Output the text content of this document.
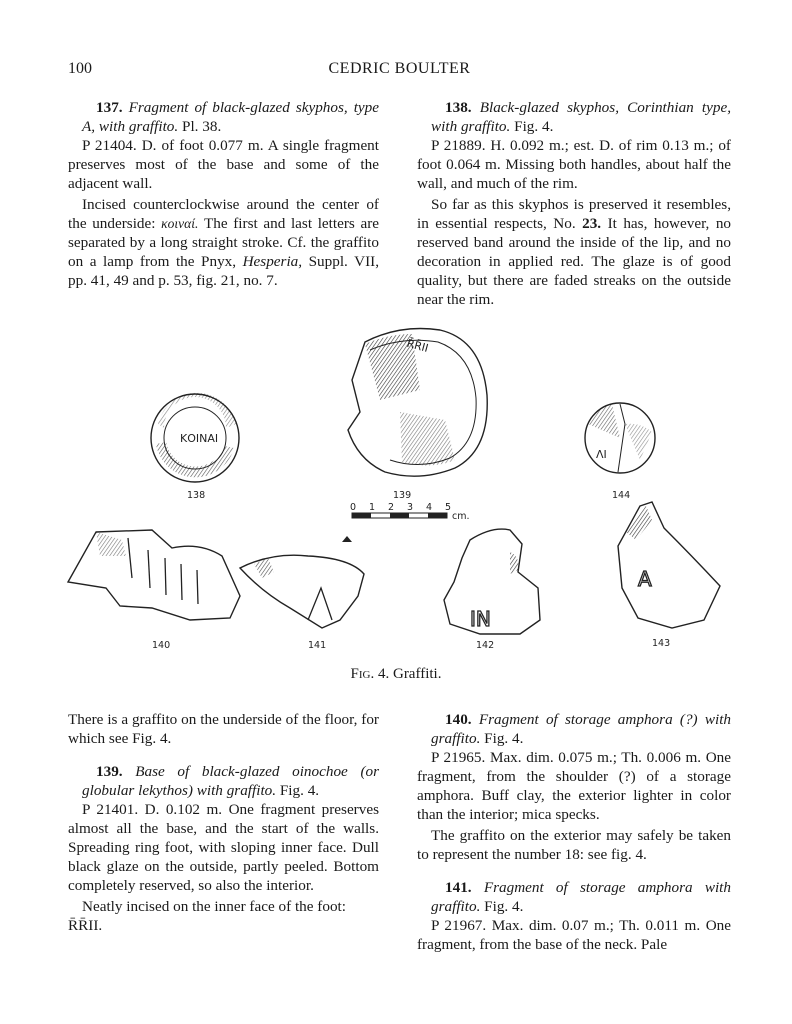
100	CEDRIC BOULTER

137. Fragment of black-glazed skyphos, type A, with graffito. Pl. 38.

P 21404. D. of foot 0.077 m. A single fragment preserves most of the base and some of the adjacent wall.

Incised counterclockwise around the center of the underside: κοιναί. The first and last letters are separated by a long straight stroke. Cf. the graffito on a lamp from the Pnyx, Hesperia, Suppl. VII, pp. 41, 49 and p. 53, fig. 21, no. 7.

138. Black-glazed skyphos, Corinthian type, with graffito. Fig. 4.

P 21889. H. 0.092 m.; est. D. of rim 0.13 m.; of foot 0.064 m. Missing both handles, about half the wall, and much of the rim.

So far as this skyphos is preserved it resembles, in essential respects, No. 23. It has, however, no reserved band around the inside of the lip, and no decoration in applied red. The glaze is of good quality, but there are faded streaks on the outside near the rim.

ΚΟΙΝΑΙ
138
R̄R̄II
139
0 1 2 3 4 5
cm.
ΛΙ
144
140	141
IN
142
A
143
Fig. 4. Graffiti.

There is a graffito on the underside of the floor, for which see Fig. 4.

139. Base of black-glazed oinochoe (or globular lekythos) with graffito. Fig. 4.

P 21401. D. 0.102 m. One fragment preserves almost all the base, and the start of the walls. Spreading ring foot, with sloping inner face. Dull black glaze on the outside, partly peeled. Bottom completely reserved, so also the interior.

Neatly incised on the inner face of the foot:

R̄R̄II.

140. Fragment of storage amphora (?) with graffito. Fig. 4.

P 21965. Max. dim. 0.075 m.; Th. 0.006 m. One fragment, from the shoulder (?) of a storage amphora. Buff clay, the exterior lighter in color than the interior; mica specks.

The graffito on the exterior may safely be taken to represent the number 18: see fig. 4.

141. Fragment of storage amphora with graffito. Fig. 4.

P 21967. Max. dim. 0.07 m.; Th. 0.011 m. One fragment, from the base of the neck. Pale
